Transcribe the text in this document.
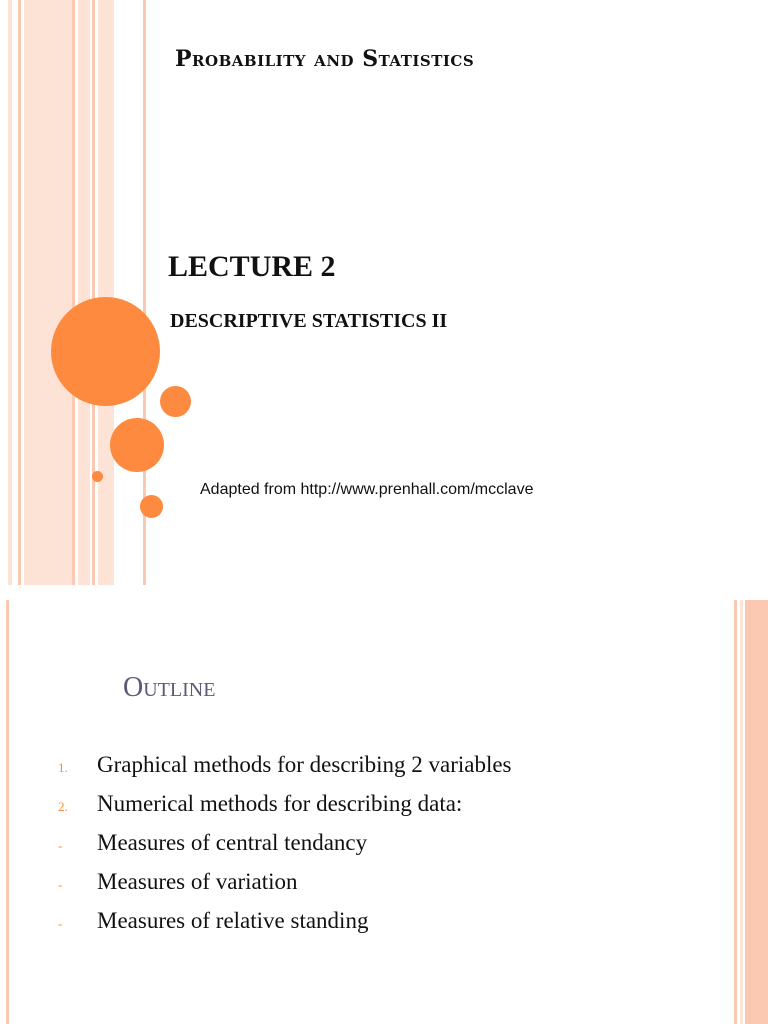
Probability and Statistics
LECTURE 2
DESCRIPTIVE STATISTICS II
Adapted from http://www.prenhall.com/mcclave
Outline
1. Graphical methods for describing 2 variables
2. Numerical methods for describing data:
- Measures of central tendancy
- Measures of variation
- Measures of relative standing
